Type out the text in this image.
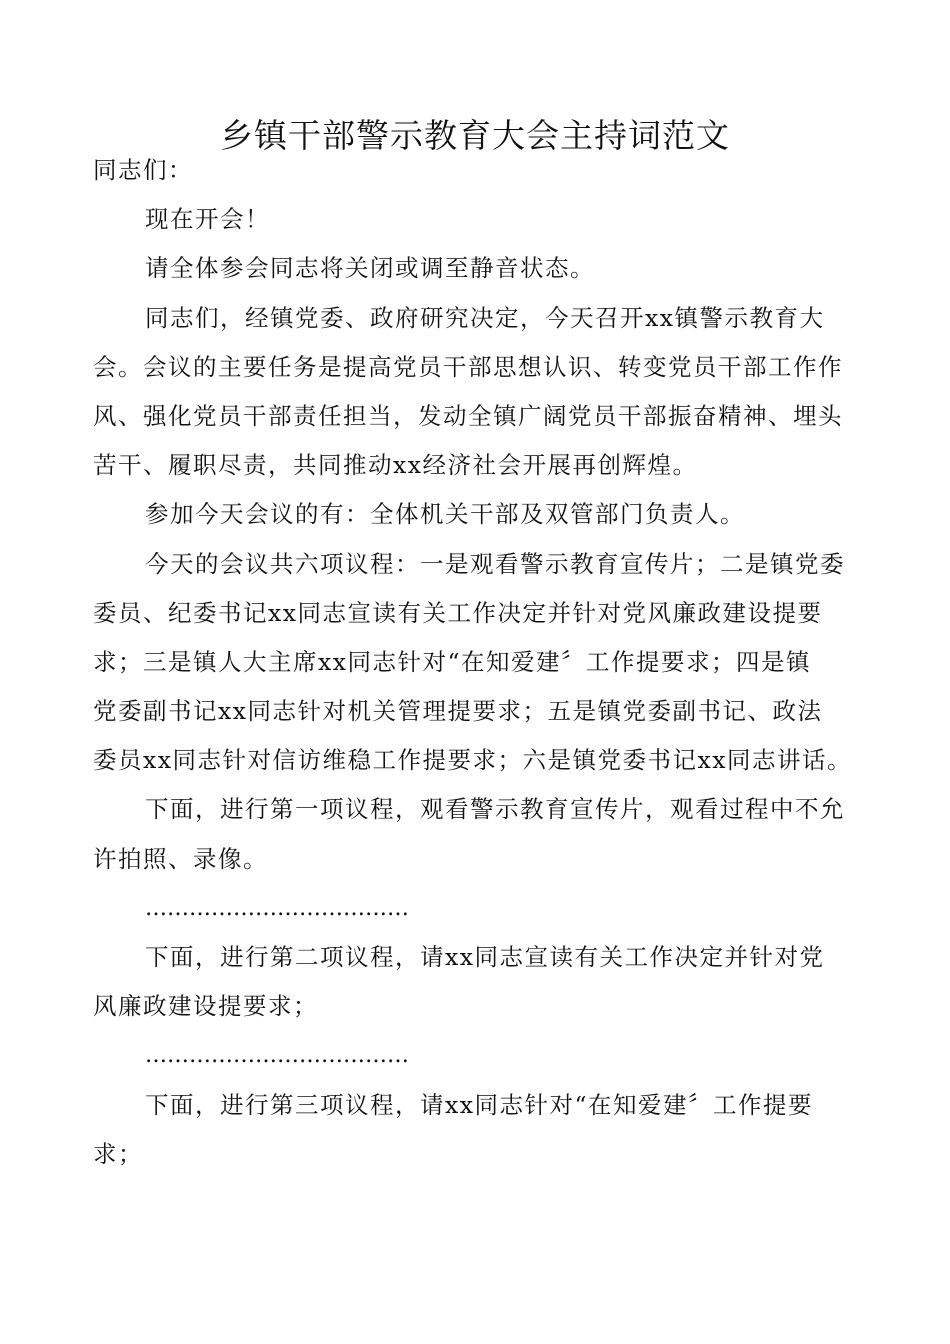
乡镇干部警示教育大会主持词范文
同志们：
现在开会！
请全体参会同志将关闭或调至静音状态。
同志们，经镇党委、政府研究决定，今天召开xx镇警示教育大
会。会议的主要任务是提高党员干部思想认识、转变党员干部工作作
风、强化党员干部责任担当，发动全镇广阔党员干部振奋精神、埋头
苦干、履职尽责，共同推动xx经济社会开展再创辉煌。
参加今天会议的有：全体机关干部及双管部门负责人。
今天的会议共六项议程：一是观看警示教育宣传片；二是镇党委
委员、纪委书记xx同志宣读有关工作决定并针对党风廉政建设提要
求；三是镇人大主席xx同志针对“在知爱建〞工作提要求；四是镇
党委副书记xx同志针对机关管理提要求；五是镇党委副书记、政法
委员xx同志针对信访维稳工作提要求；六是镇党委书记xx同志讲话。
下面，进行第一项议程，观看警示教育宣传片，观看过程中不允
许拍照、录像。
………………………………
下面，进行第二项议程，请xx同志宣读有关工作决定并针对党
风廉政建设提要求；
………………………………
下面，进行第三项议程，请xx同志针对“在知爱建〞工作提要
求；
